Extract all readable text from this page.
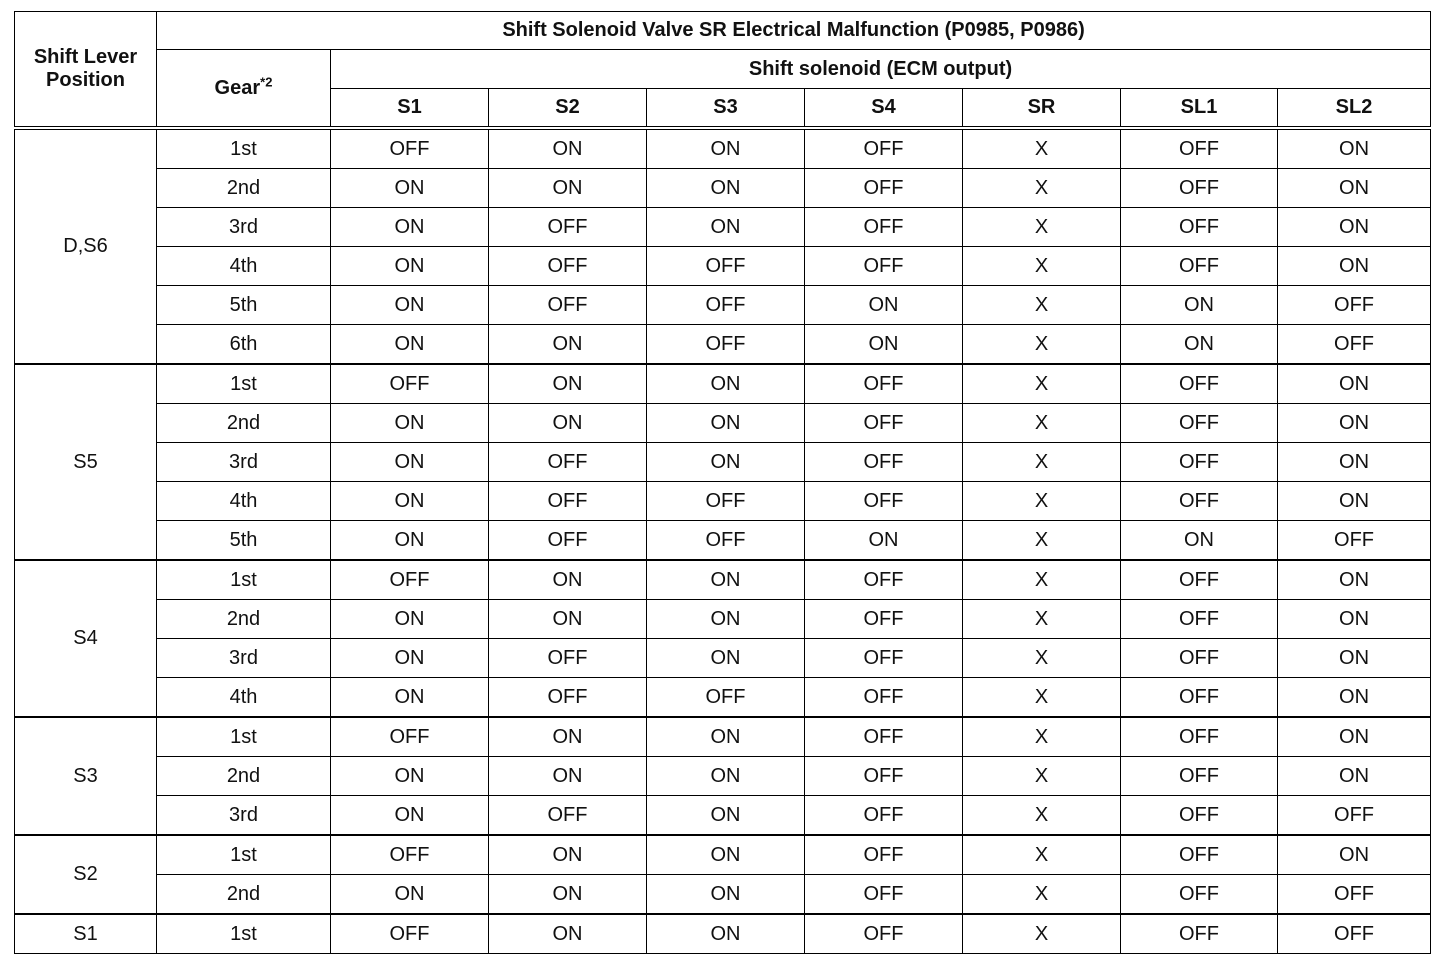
Shift Lever Position	Shift Solenoid Valve SR Electrical Malfunction (P0985, P0986)							
	Gear$^{*2}$	Shift solenoid (ECM output)						
		S1	S2	S3	S4	SR	SL1	SL2
D,S6	1st	OFF	ON	ON	OFF	X	OFF	ON
	2nd	ON	ON	ON	OFF	X	OFF	ON
	3rd	ON	OFF	ON	OFF	X	OFF	ON
	4th	ON	OFF	OFF	OFF	X	OFF	ON
	5th	ON	OFF	OFF	ON	X	ON	OFF
	6th	ON	ON	OFF	ON	X	ON	OFF
S5	1st	OFF	ON	ON	OFF	X	OFF	ON
	2nd	ON	ON	ON	OFF	X	OFF	ON
	3rd	ON	OFF	ON	OFF	X	OFF	ON
	4th	ON	OFF	OFF	OFF	X	OFF	ON
	5th	ON	OFF	OFF	ON	X	ON	OFF
S4	1st	OFF	ON	ON	OFF	X	OFF	ON
	2nd	ON	ON	ON	OFF	X	OFF	ON
	3rd	ON	OFF	ON	OFF	X	OFF	ON
	4th	ON	OFF	OFF	OFF	X	OFF	ON
S3	1st	OFF	ON	ON	OFF	X	OFF	ON
	2nd	ON	ON	ON	OFF	X	OFF	ON
	3rd	ON	OFF	ON	OFF	X	OFF	OFF
S2	1st	OFF	ON	ON	OFF	X	OFF	ON
	2nd	ON	ON	ON	OFF	X	OFF	OFF
S1	1st	OFF	ON	ON	OFF	X	OFF	OFF
